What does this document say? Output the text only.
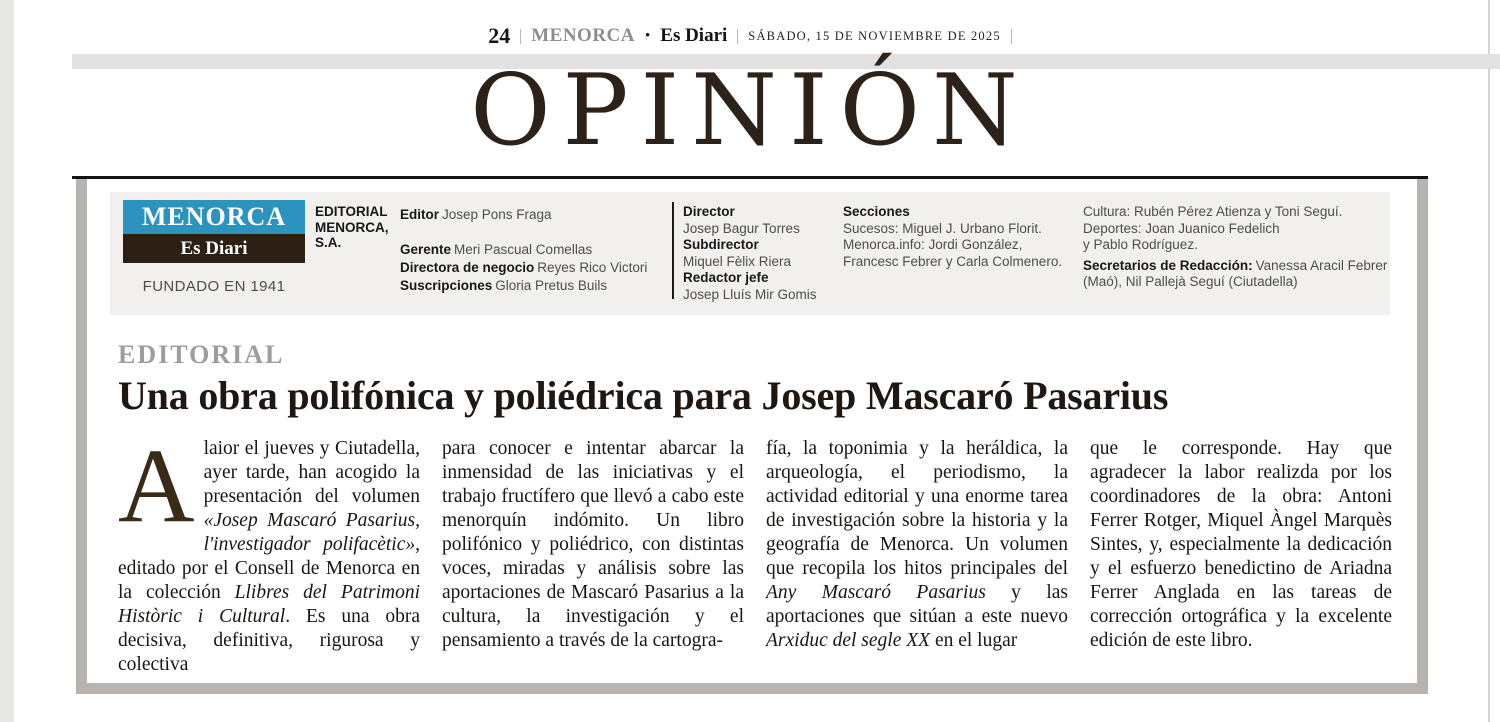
24 MENORCA • Es Diari SÁBADO, 15 DE NOVIEMBRE DE 2025
OPINIÓN
MENORCA
Es Diari
FUNDADO EN 1941
EDITORIAL MENORCA, S.A.
Editor Josep Pons Fraga
Gerente Meri Pascual Comellas
Directora de negocio Reyes Rico Victori
Suscripciones Gloria Pretus Buils
Director
Josep Bagur Torres
Subdirector
Miquel Fèlix Riera
Redactor jefe
Josep Lluís Mir Gomis
Secciones
Sucesos: Miguel J. Urbano Florit.
Menorca.info: Jordi González, Francesc Febrer y Carla Colmenero.
Cultura: Rubén Pérez Atienza y Toni Seguí.
Deportes: Joan Juanico Fedelich
y Pablo Rodríguez.
Secretarios de Redacción: Vanessa Aracil Febrer (Maó), Nil Pallejà Seguí (Ciutadella)
EDITORIAL
Una obra polifónica y poliédrica para Josep Mascaró Pasarius
Alaior el jueves y Ciutadella, ayer tarde, han acogido la presentación del volumen «Josep Mascaró Pasarius, l'investigador polifacètic», editado por el Consell de Menorca en la colección Llibres del Patrimoni Històric i Cultural. Es una obra decisiva, definitiva, rigurosa y colectiva
para conocer e intentar abarcar la inmensidad de las iniciativas y el trabajo fructífero que llevó a cabo este menorquín indómito. Un libro polifónico y poliédrico, con distintas voces, miradas y análisis sobre las aportaciones de Mascaró Pasarius a la cultura, la investigación y el pensamiento a través de la cartogra-
fía, la toponimia y la heráldica, la arqueología, el periodismo, la actividad editorial y una enorme tarea de investigación sobre la historia y la geografía de Menorca. Un volumen que recopila los hitos principales del Any Mascaró Pasarius y las aportaciones que sitúan a este nuevo Arxiduc del segle XX en el lugar
que le corresponde. Hay que agradecer la labor realizda por los coordinadores de la obra: Antoni Ferrer Rotger, Miquel Àngel Marquès Sintes, y, especialmente la dedicación y el esfuerzo benedictino de Ariadna Ferrer Anglada en las tareas de corrección ortográfica y la excelente edición de este libro.
